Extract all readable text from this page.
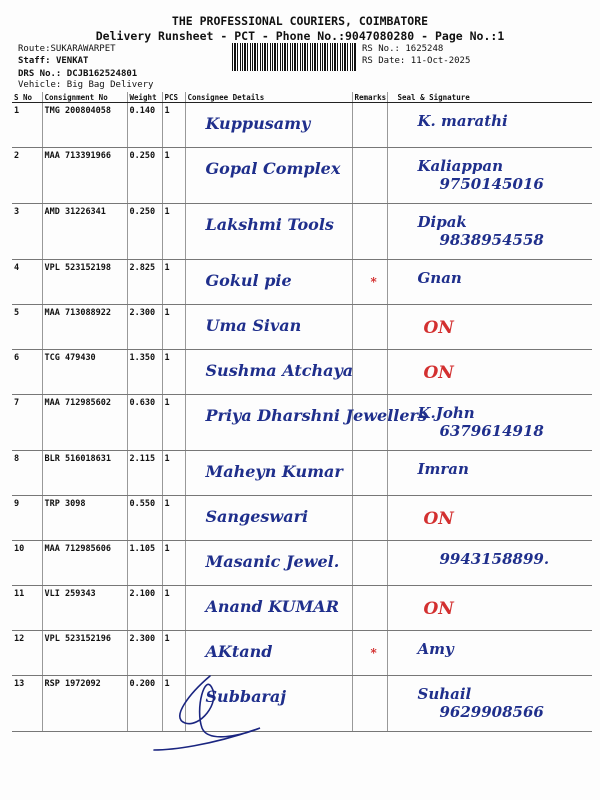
THE PROFESSIONAL COURIERS, COIMBATORE
Delivery Runsheet - PCT - Phone No.:9047080280 - Page No.:1
Route:SUKARAWARPET
Staff: VENKAT
DRS No.: DCJB162524801
Vehicle: Big Bag Delivery
RS No.: 1625248
RS Date: 11-Oct-2025
S No	Consignment No	Weight	PCS	Consignee Details	Remarks	Seal & Signature
1	TMG 200804058	0.140	1	Kuppusamy		K. marathi

2	MAA 713391966	0.250	1	Gopal Complex		Kaliappan
9750145016

3	AMD 31226341	0.250	1	Lakshmi Tools		Dipak
9838954558

4	VPL 523152198	2.825	1	Gokul pie	*	Gnan

5	MAA 713088922	2.300	1	Uma Sivan		ON

6	TCG 479430	1.350	1	Sushma Atchaya		ON

7	MAA 712985602	0.630	1	Priya Dharshni Jewellers		K.John
6379614918

8	BLR 516018631	2.115	1	Maheyn Kumar		Imran

9	TRP 3098	0.550	1	Sangeswari		ON

10	MAA 712985606	1.105	1	Masanic Jewel.		9943158899.

11	VLI 259343	2.100	1	Anand KUMAR		ON

12	VPL 523152196	2.300	1	AKtand	*	Amy

13	RSP 1972092	0.200	1	Subbaraj		Suhail
9629908566
